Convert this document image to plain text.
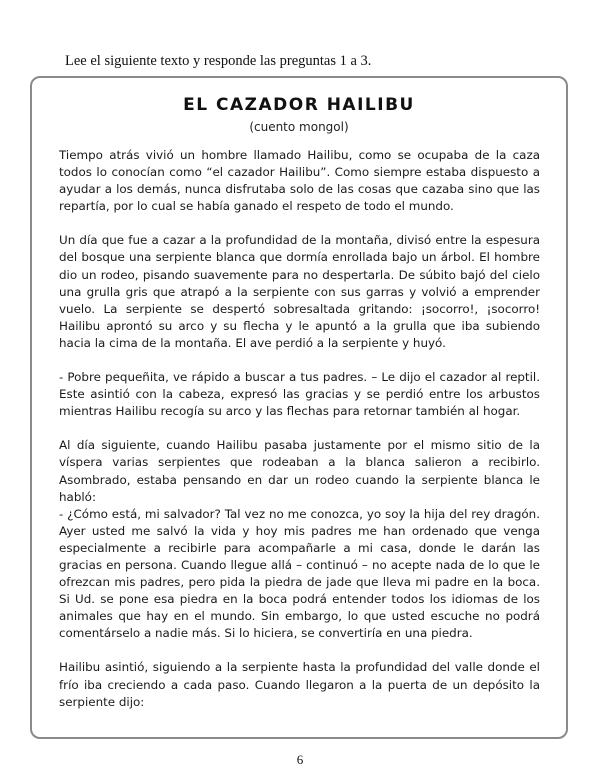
Lee el siguiente texto y responde las preguntas 1 a 3.
EL CAZADOR HAILIBU
(cuento mongol)

Tiempo atrás vivió un hombre llamado Hailibu, como se ocupaba de la caza todos lo conocían como “el cazador Hailibu”. Como siempre estaba dispuesto a ayudar a los demás, nunca disfrutaba solo de las cosas que cazaba sino que las repartía, por lo cual se había ganado el respeto de todo el mundo.

Un día que fue a cazar a la profundidad de la montaña, divisó entre la espesura del bosque una serpiente blanca que dormía enrollada bajo un árbol. El hombre dio un rodeo, pisando suavemente para no despertarla. De súbito bajó del cielo una grulla gris que atrapó a la serpiente con sus garras y volvió a emprender vuelo. La serpiente se despertó sobresaltada gritando: ¡socorro!, ¡socorro! Hailibu aprontó su arco y su flecha y le apuntó a la grulla que iba subiendo hacia la cima de la montaña. El ave perdió a la serpiente y huyó.

- Pobre pequeñita, ve rápido a buscar a tus padres. – Le dijo el cazador al reptil. Este asintió con la cabeza, expresó las gracias y se perdió entre los arbustos mientras Hailibu recogía su arco y las flechas para retornar también al hogar.

Al día siguiente, cuando Hailibu pasaba justamente por el mismo sitio de la víspera varias serpientes que rodeaban a la blanca salieron a recibirlo. Asombrado, estaba pensando en dar un rodeo cuando la serpiente blanca le habló:

- ¿Cómo está, mi salvador? Tal vez no me conozca, yo soy la hija del rey dragón. Ayer usted me salvó la vida y hoy mis padres me han ordenado que venga especialmente a recibirle para acompañarle a mi casa, donde le darán las gracias en persona. Cuando llegue allá – continuó – no acepte nada de lo que le ofrezcan mis padres, pero pida la piedra de jade que lleva mi padre en la boca. Si Ud. se pone esa piedra en la boca podrá entender todos los idiomas de los animales que hay en el mundo. Sin embargo, lo que usted escuche no podrá comentárselo a nadie más. Si lo hiciera, se convertiría en una piedra.

Hailibu asintió, siguiendo a la serpiente hasta la profundidad del valle donde el frío iba creciendo a cada paso. Cuando llegaron a la puerta de un depósito la serpiente dijo:

6
